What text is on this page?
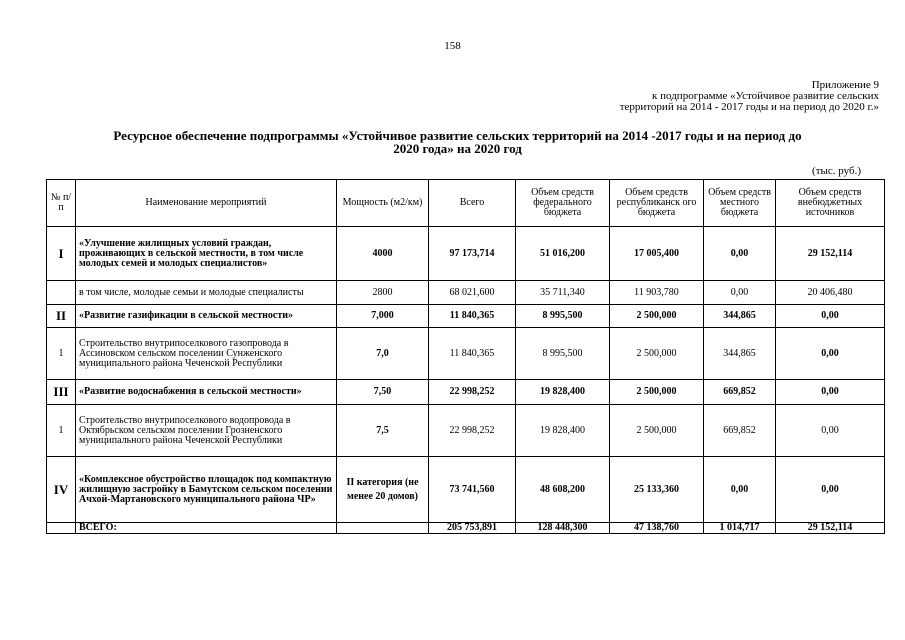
158
Приложение 9
к подпрограмме «Устойчивое развитие сельских
территорий на 2014 - 2017 годы и на период до 2020 г.»
Ресурсное обеспечение подпрограммы «Устойчивое развитие сельских территорий на 2014 -2017 годы и на период до
2020 года» на 2020 год
(тыс. руб.)
№ п/ п	Наименование мероприятий	Мощность (м2/км)	Всего	Объем средств федерального бюджета	Объем средств республиканск ого бюджета	Объем средств местного бюджета	Объем средств внебюджетных источников
I	«Улучшение жилищных условий граждан, проживающих в сельской местности, в том числе молодых семей и молодых специалистов»	4000	97 173,714	51 016,200	17 005,400	0,00	29 152,114
	в том числе, молодые семьи и молодые специалисты	2800	68 021,600	35 711,340	11 903,780	0,00	20 406,480
II	«Развитие газификации в сельской местности»	7,000	11 840,365	8 995,500	2 500,000	344,865	0,00
1	Строительство внутрипоселкового газопровода в Ассиновском сельском поселении Сунженского муниципального района Чеченской Республики	7,0	11 840,365	8 995,500	2 500,000	344,865	0,00
III	«Развитие водоснабжения в сельской местности»	7,50	22 998,252	19 828,400	2 500,000	669,852	0,00
1	Строительство внутрипоселкового водопровода в Октябрьском сельском поселении Грозненского муниципального района Чеченской Республики	7,5	22 998,252	19 828,400	2 500,000	669,852	0,00
IV	«Комплексное обустройство площадок под компактную жилищную застройку в Бамутском сельском поселении Ачхой-Мартановского муниципального района ЧР»	II категория (не менее 20 домов)	73 741,560	48 608,200	25 133,360	0,00	0,00
	ВСЕГО:		205 753,891	128 448,300	47 138,760	1 014,717	29 152,114
